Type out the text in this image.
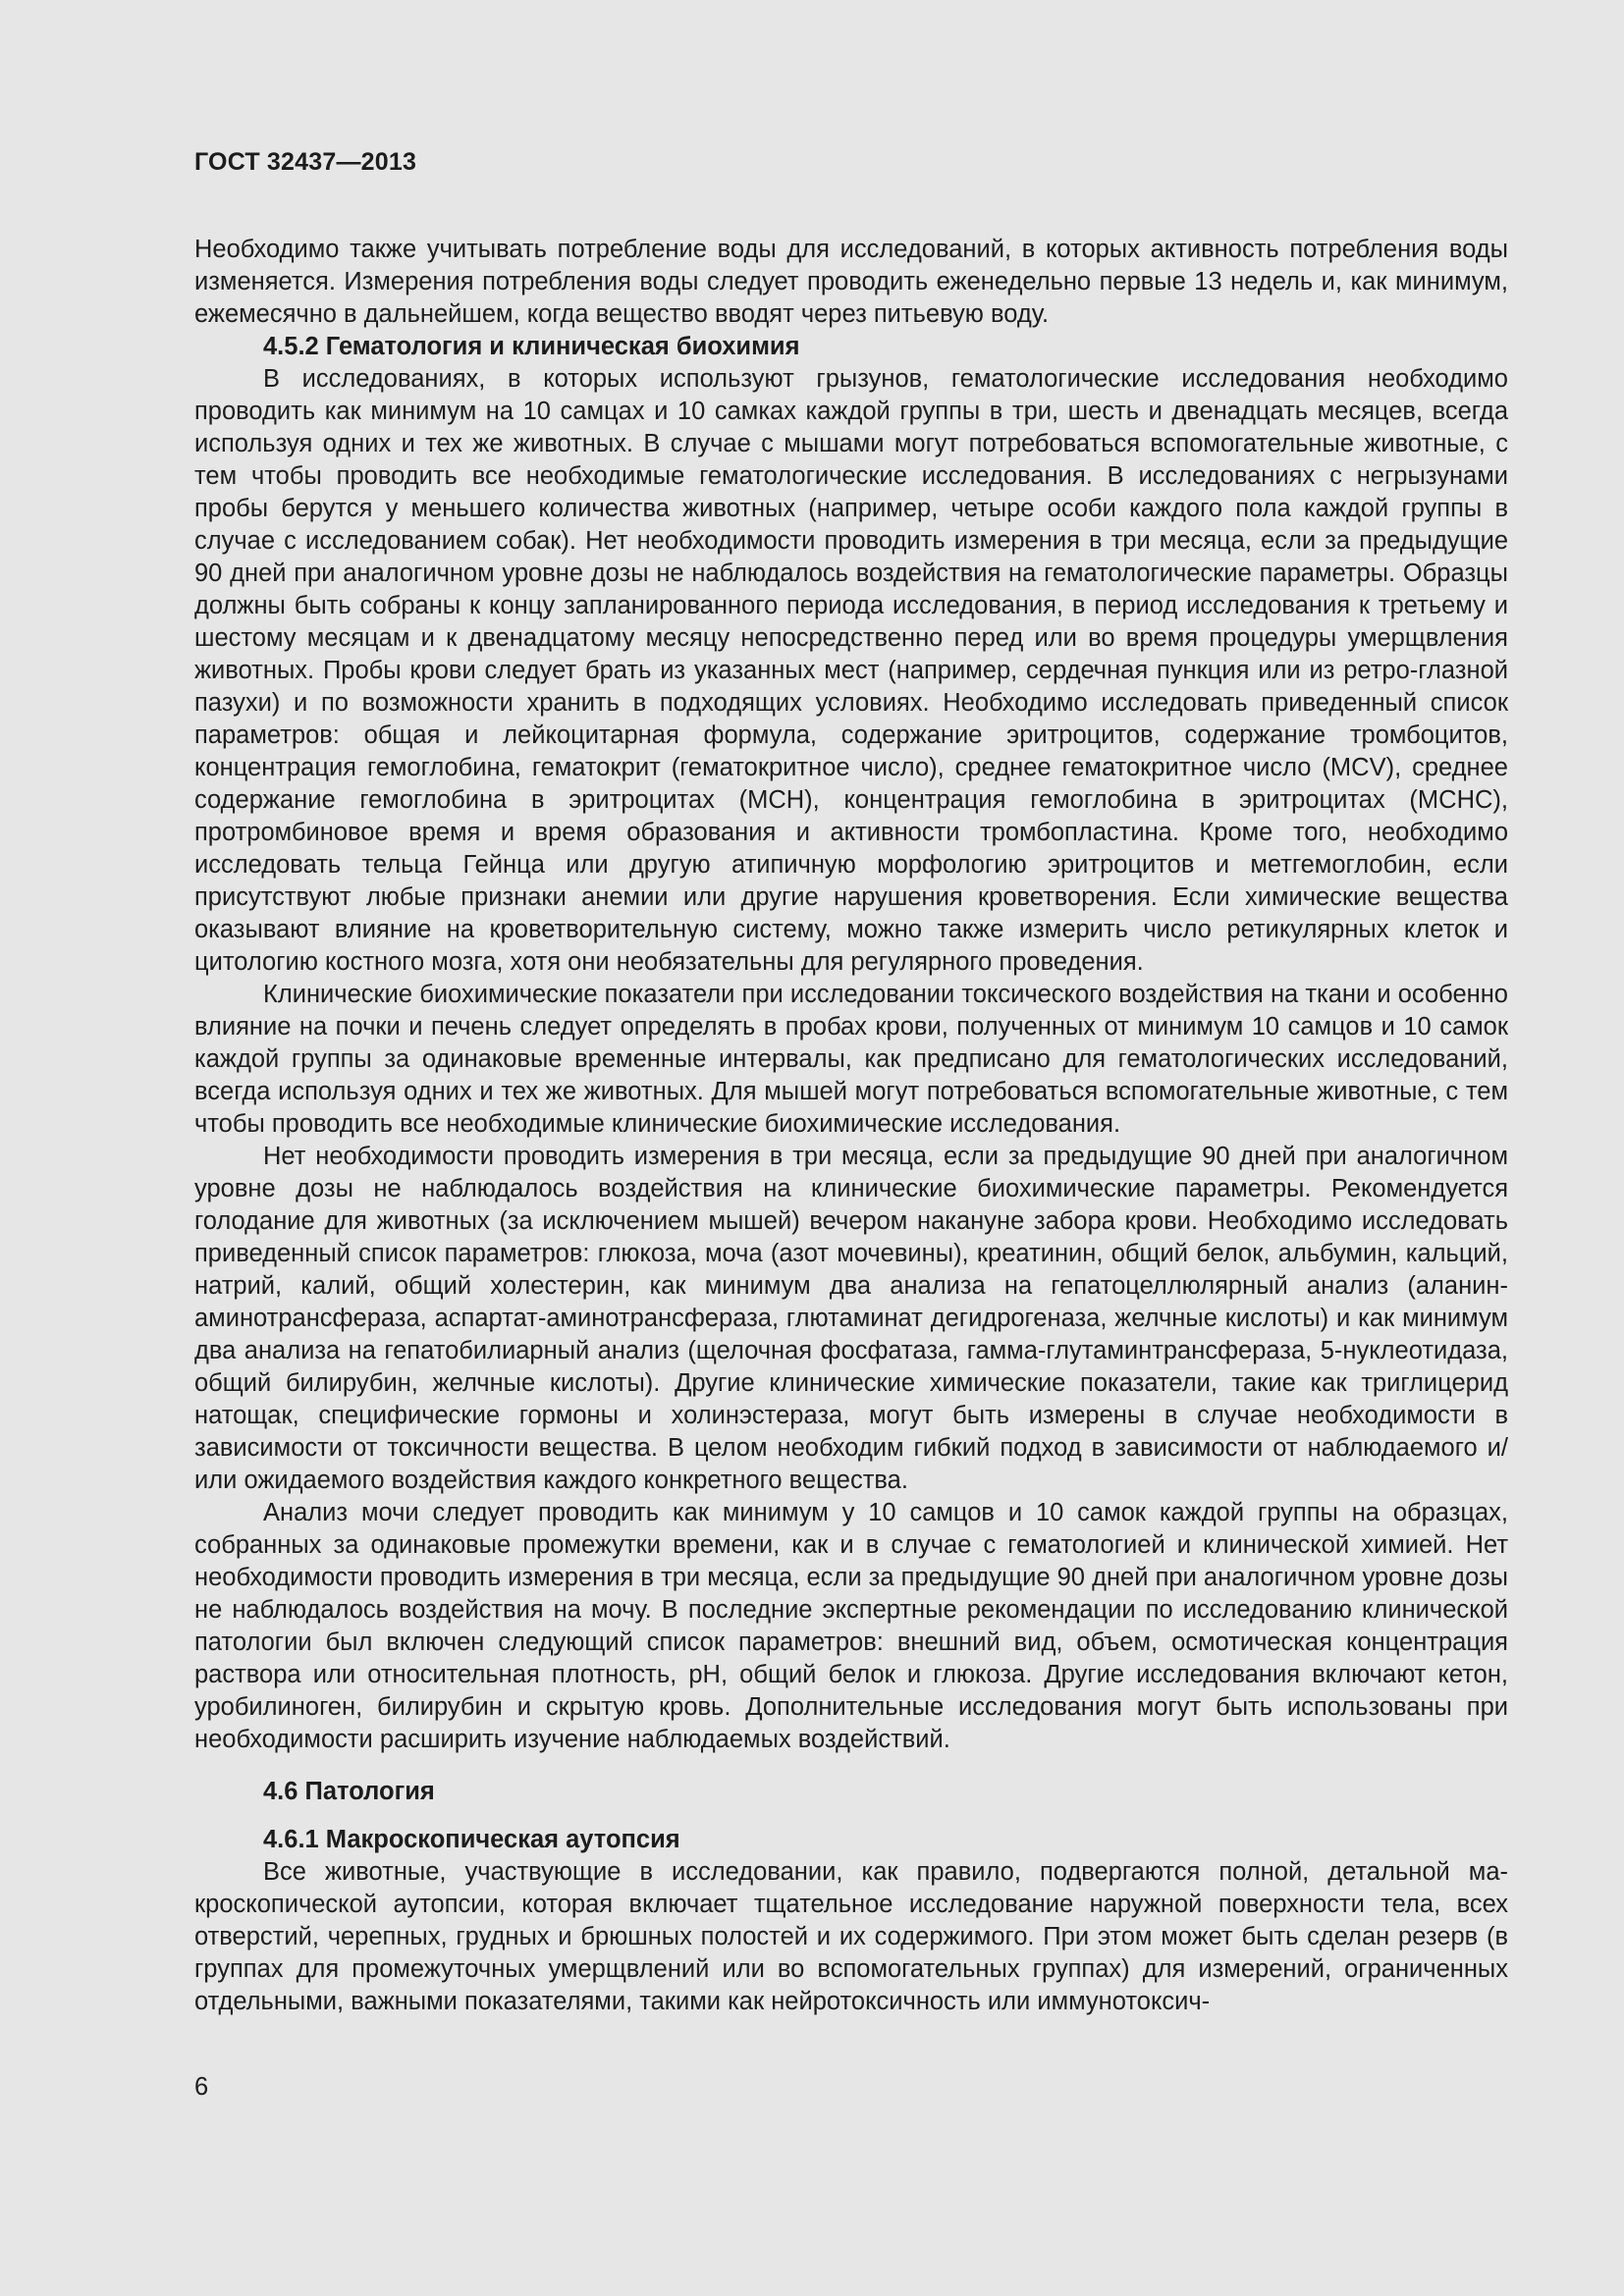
ГОСТ 32437—2013

Необходимо также учитывать потребление воды для исследований, в которых активность потребления воды изменяется. Измерения потребления воды следует проводить еженедельно первые 13 недель и, как минимум, ежемесячно в дальнейшем, когда вещество вводят через питьевую воду.

4.5.2 Гематология и клиническая биохимия

В исследованиях, в которых используют грызунов, гематологические исследования необходимо проводить как минимум на 10 самцах и 10 самках каждой группы в три, шесть и двенадцать месяцев, всегда используя одних и тех же животных. В случае с мышами могут потребоваться вспомогательные животные, с тем чтобы проводить все необходимые гематологические исследования. В исследованиях с негрызунами пробы берутся у меньшего количества животных (например, четыре особи каждого пола каждой группы в случае с исследованием собак). Нет необходимости проводить измерения в три месяца, если за предыдущие 90 дней при аналогичном уровне дозы не наблюдалось воздействия на гематологические параметры. Образцы должны быть собраны к концу запланированного периода исследования, в период исследования к третьему и шестому месяцам и к двенадцатому месяцу непосредственно перед или во время процедуры умерщвления животных. Пробы крови следует брать из указанных мест (например, сердечная пункция или из ретро-глазной пазухи) и по возможности хранить в подходящих условиях. Необходимо исследовать приведенный список параметров: общая и лейкоцитарная формула, содержание эритроцитов, содержание тромбоцитов, концентрация гемоглобина, гематокрит (гематокритное число), среднее гематокритное число (MCV), среднее содержание гемоглобина в эритроцитах (MCH), концентрация гемоглобина в эритроцитах (MCHC), протромбиновое время и время образования и активности тромбопластина. Кроме того, необходимо исследовать тельца Гейнца или другую атипичную морфологию эритроцитов и метгемоглобин, если присутствуют любые признаки анемии или другие нарушения кроветворения. Если химические вещества оказывают влияние на кроветворительную систему, можно также измерить число ретикулярных клеток и цитологию костного мозга, хотя они необязательны для регулярного проведения.

Клинические биохимические показатели при исследовании токсического воздействия на ткани и особенно влияние на почки и печень следует определять в пробах крови, полученных от минимум 10 самцов и 10 самок каждой группы за одинаковые временные интервалы, как предписано для гематологических исследований, всегда используя одних и тех же животных. Для мышей могут потребоваться вспомогательные животные, с тем чтобы проводить все необходимые клинические биохимические исследования.

Нет необходимости проводить измерения в три месяца, если за предыдущие 90 дней при аналогичном уровне дозы не наблюдалось воздействия на клинические биохимические параметры. Рекомендуется голодание для животных (за исключением мышей) вечером накануне забора крови. Необходимо исследовать приведенный список параметров: глюкоза, моча (азот мочевины), креатинин, общий белок, альбумин, кальций, натрий, калий, общий холестерин, как минимум два анализа на гепатоцеллюлярный анализ (аланин-аминотрансфераза, аспартат-аминотрансфераза, глютаминат дегидрогеназа, желчные кислоты) и как минимум два анализа на гепатобилиарный анализ (щелочная фосфатаза, гамма-глутаминтрансфераза, 5-нуклеотидаза, общий билирубин, желчные кислоты). Другие клинические химические показатели, такие как триглицерид натощак, специфические гормоны и холинэстераза, могут быть измерены в случае необходимости в зависимости от токсичности вещества. В целом необходим гибкий подход в зависимости от наблюдаемого и/или ожидаемого воздействия каждого конкретного вещества.

Анализ мочи следует проводить как минимум у 10 самцов и 10 самок каждой группы на образцах, собранных за одинаковые промежутки времени, как и в случае с гематологией и клинической химией. Нет необходимости проводить измерения в три месяца, если за предыдущие 90 дней при аналогичном уровне дозы не наблюдалось воздействия на мочу. В последние экспертные рекомендации по исследованию клинической патологии был включен следующий список параметров: внешний вид, объем, осмотическая концентрация раствора или относительная плотность, pH, общий белок и глюкоза. Другие исследования включают кетон, уробилиноген, билирубин и скрытую кровь. Дополнительные исследования могут быть использованы при необходимости расширить изучение наблюдаемых воздействий.

4.6 Патология
4.6.1 Макроскопическая аутопсия

Все животные, участвующие в исследовании, как правило, подвергаются полной, детальной макроскопической аутопсии, которая включает тщательное исследование наружной поверхности тела, всех отверстий, черепных, грудных и брюшных полостей и их содержимого. При этом может быть сделан резерв (в группах для промежуточных умерщвлений или во вспомогательных группах) для измерений, ограниченных отдельными, важными показателями, такими как нейротоксичность или иммунотоксич-

6
